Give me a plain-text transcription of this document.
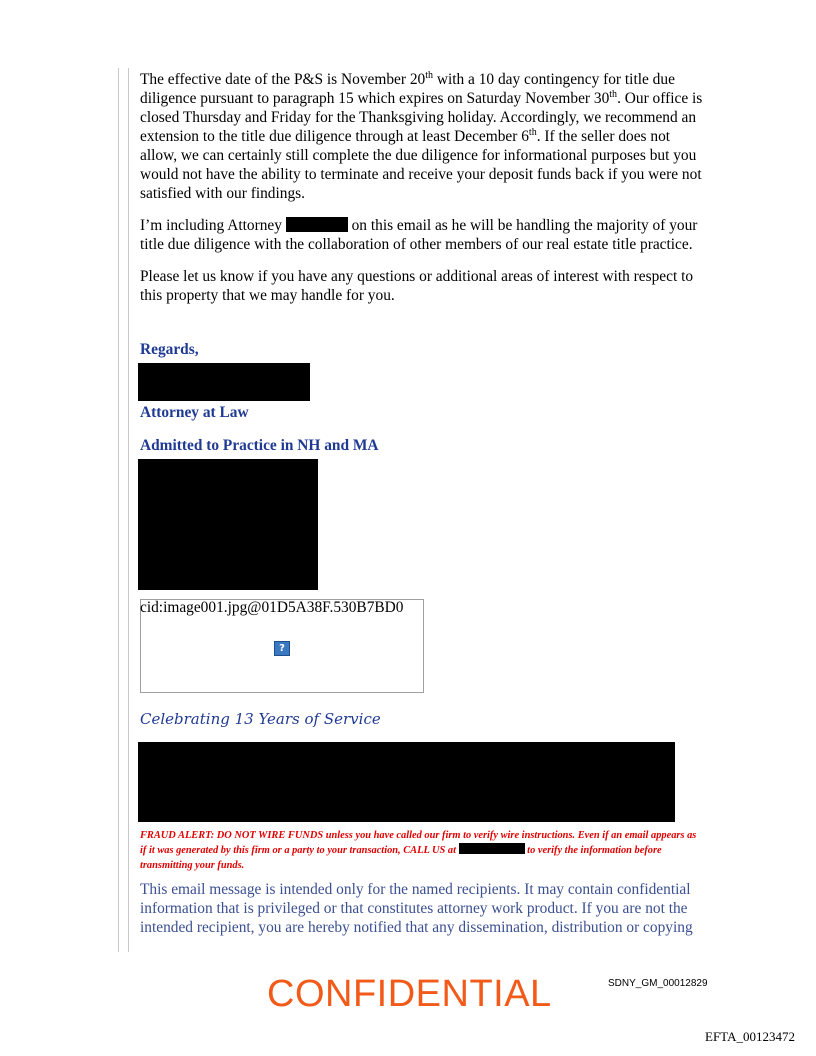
The effective date of the P&S is November 20th with a 10 day contingency for title due diligence pursuant to paragraph 15 which expires on Saturday November 30th. Our office is closed Thursday and Friday for the Thanksgiving holiday. Accordingly, we recommend an extension to the title due diligence through at least December 6th. If the seller does not allow, we can certainly still complete the due diligence for informational purposes but you would not have the ability to terminate and receive your deposit funds back if you were not satisfied with our findings.

I’m including Attorney	on this email as he will be handling the majority of your title due diligence with the collaboration of other members of our real estate title practice.

Please let us know if you have any questions or additional areas of interest with respect to this property that we may handle for you.

Regards,
Attorney at Law
Admitted to Practice in NH and MA
cid:image001.jpg@01D5A38F.530B7BD0
?
Celebrating 13 Years of Service
FRAUD ALERT: DO NOT WIRE FUNDS unless you have called our firm to verify wire instructions. Even if an email appears as if it was generated by this firm or a party to your transaction, CALL US at	to verify the information before transmitting your funds.
This email message is intended only for the named recipients. It may contain confidential information that is privileged or that constitutes attorney work product. If you are not the intended recipient, you are hereby notified that any dissemination, distribution or copying
CONFIDENTIAL	SDNY_GM_00012829
EFTA_00123472
